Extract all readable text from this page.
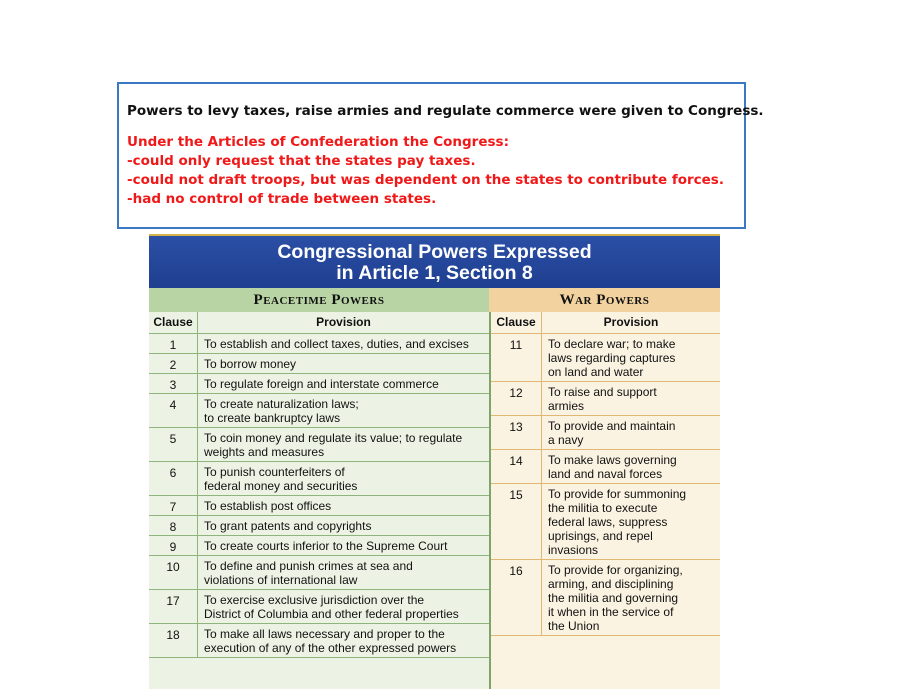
Powers to levy taxes, raise armies and regulate commerce were given to Congress.
Under the Articles of Confederation the Congress:
-could only request that the states pay taxes.
-could not draft troops, but was dependent on the states to contribute forces.
-had no control of trade between states.
Congressional Powers Expressed
in Article 1, Section 8
Peacetime Powers	War Powers
Clause	Provision
1	To establish and collect taxes, duties, and excises
2	To borrow money
3	To regulate foreign and interstate commerce
4	To create naturalization laws;
to create bankruptcy laws
5	To coin money and regulate its value; to regulate
weights and measures
6	To punish counterfeiters of
federal money and securities
7	To establish post offices
8	To grant patents and copyrights
9	To create courts inferior to the Supreme Court
10	To define and punish crimes at sea and
violations of international law
17	To exercise exclusive jurisdiction over the
District of Columbia and other federal properties
18	To make all laws necessary and proper to the
execution of any of the other expressed powers
Clause	Provision
11	To declare war; to make
laws regarding captures
on land and water
12	To raise and support
armies
13	To provide and maintain
a navy
14	To make laws governing
land and naval forces
15	To provide for summoning
the militia to execute
federal laws, suppress
uprisings, and repel
invasions
16	To provide for organizing,
arming, and disciplining
the militia and governing
it when in the service of
the Union
